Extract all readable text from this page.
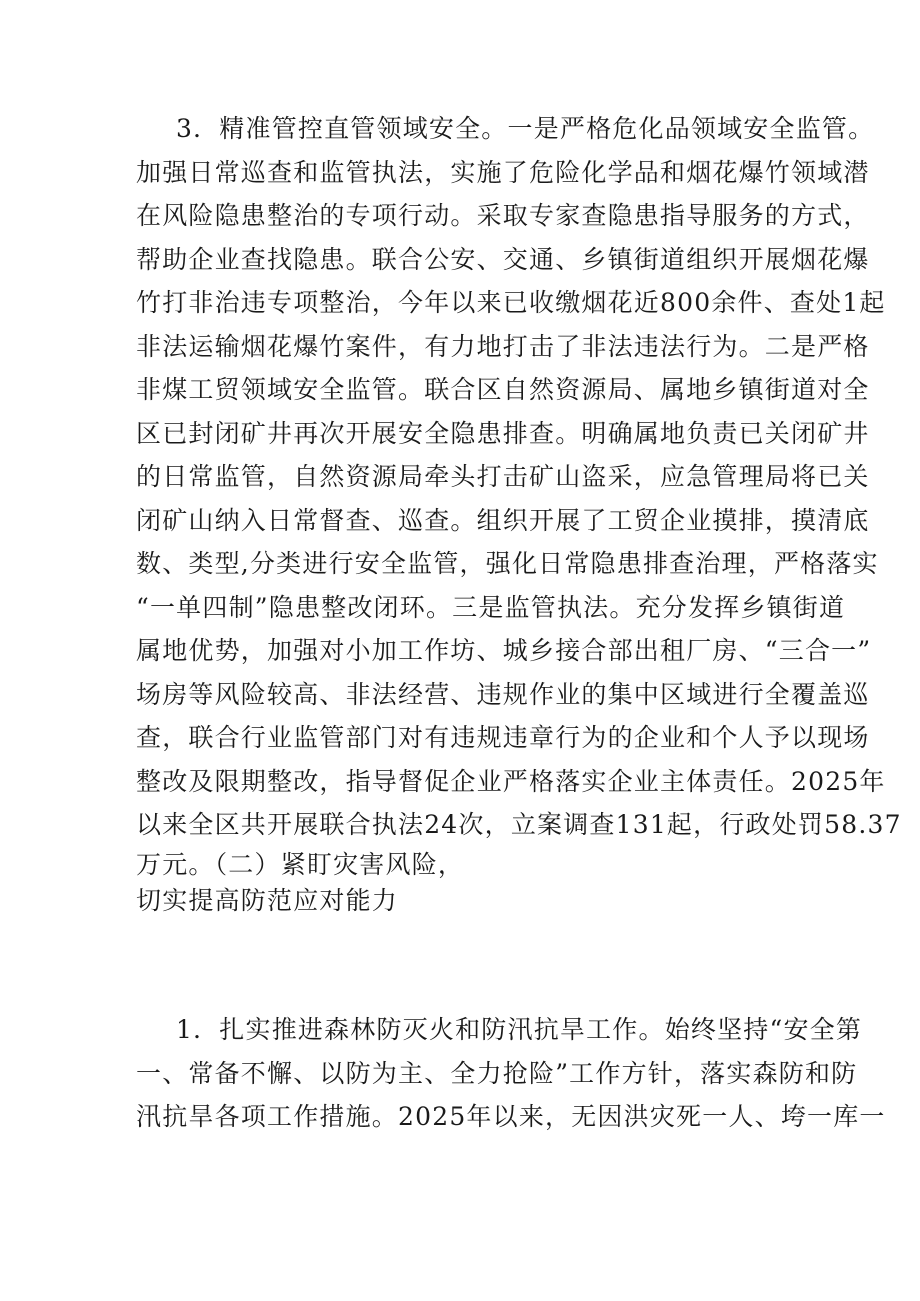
3．精准管控直管领域安全。一是严格危化品领域安全监管。
加强日常巡查和监管执法，实施了危险化学品和烟花爆竹领域潜
在风险隐患整治的专项行动。采取专家查隐患指导服务的方式，
帮助企业查找隐患。联合公安、交通、乡镇街道组织开展烟花爆
竹打非治违专项整治，今年以来已收缴烟花近800余件、查处1起
非法运输烟花爆竹案件，有力地打击了非法违法行为。二是严格
非煤工贸领域安全监管。联合区自然资源局、属地乡镇街道对全
区已封闭矿井再次开展安全隐患排查。明确属地负责已关闭矿井
的日常监管，自然资源局牵头打击矿山盗采，应急管理局将已关
闭矿山纳入日常督查、巡查。组织开展了工贸企业摸排，摸清底
数、类型,分类进行安全监管，强化日常隐患排查治理，严格落实
“一单四制”隐患整改闭环。三是监管执法。充分发挥乡镇街道
属地优势，加强对小加工作坊、城乡接合部出租厂房、“三合一”
场房等风险较高、非法经营、违规作业的集中区域进行全覆盖巡
查，联合行业监管部门对有违规违章行为的企业和个人予以现场
整改及限期整改，指导督促企业严格落实企业主体责任。2025年
以来全区共开展联合执法24次，立案调查131起，行政处罚58.37
万元。（二）紧盯灾害风险，
切实提高防范应对能力
1．扎实推进森林防灭火和防汛抗旱工作。始终坚持“安全第
一、常备不懈、以防为主、全力抢险”工作方针，落实森防和防
汛抗旱各项工作措施。2025年以来，无因洪灾死一人、垮一库一
